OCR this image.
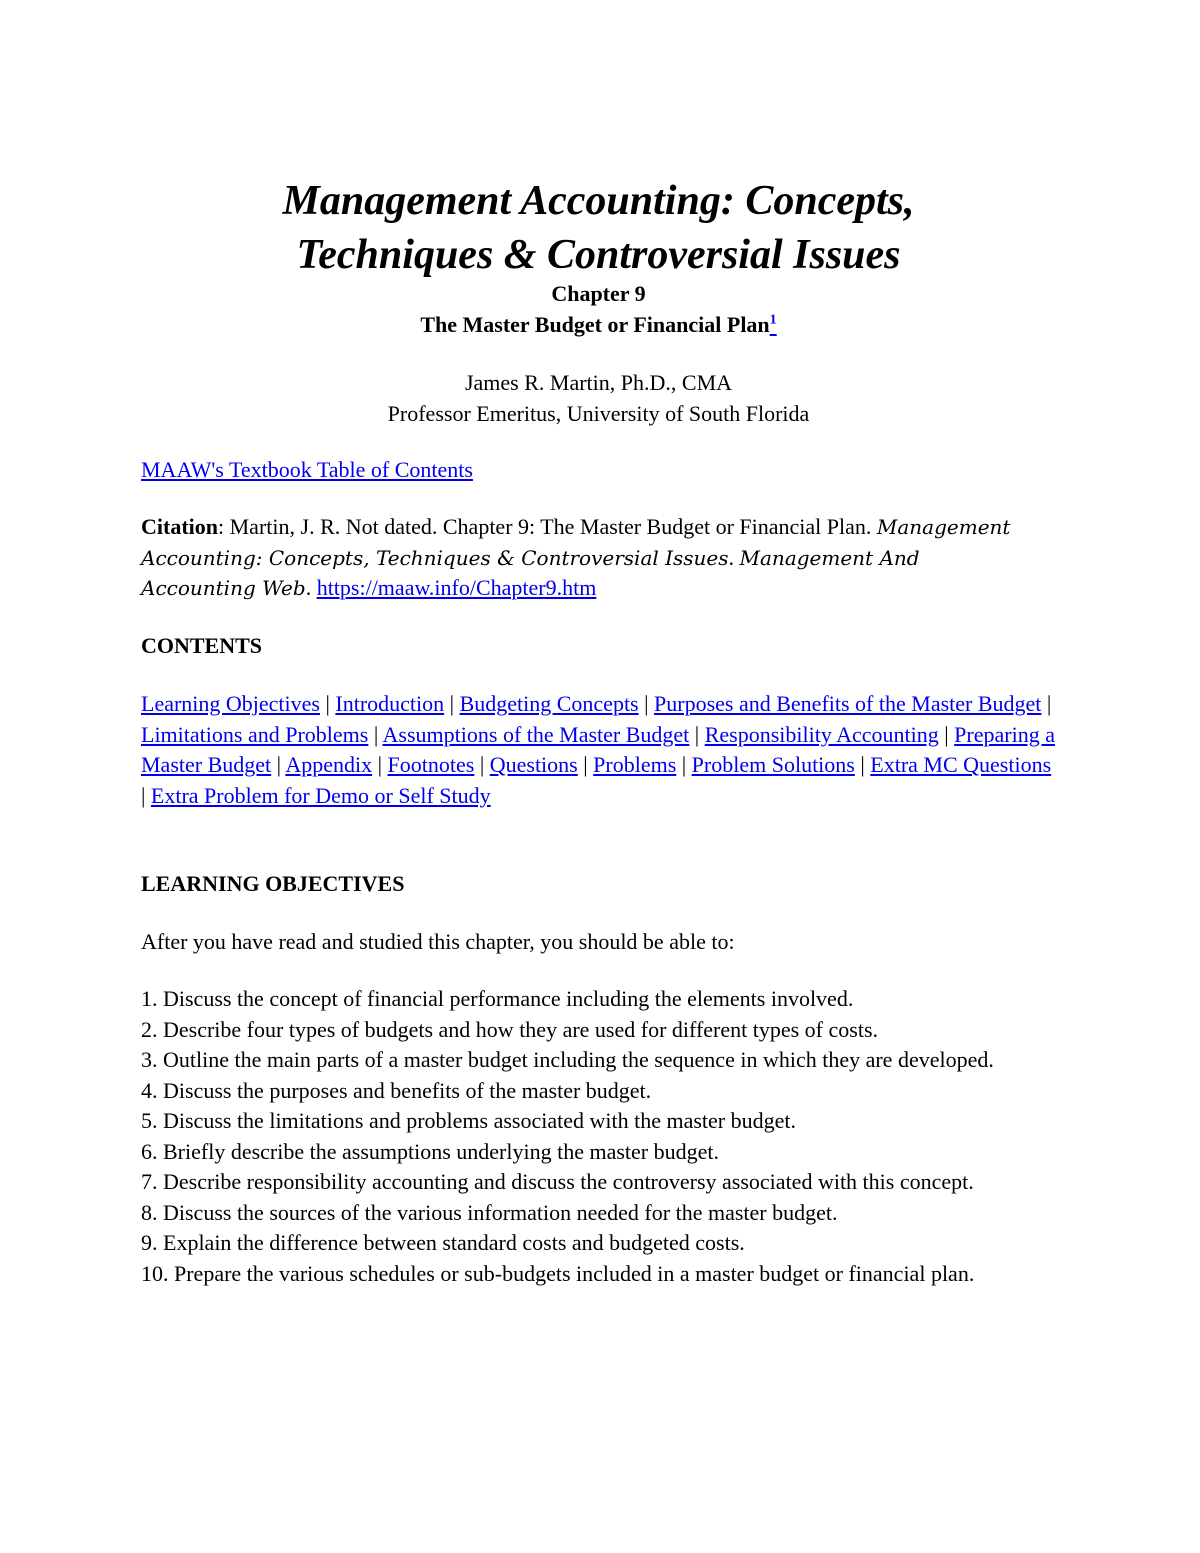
Management Accounting: Concepts,
Techniques & Controversial Issues
Chapter 9
The Master Budget or Financial Plan$^1$
James R. Martin, Ph.D., CMA
Professor Emeritus, University of South Florida
MAAW's Textbook Table of Contents
Citation: Martin, J. R. Not dated. Chapter 9: The Master Budget or Financial Plan. Management Accounting: Concepts, Techniques & Controversial Issues. Management And Accounting Web. https://maaw.info/Chapter9.htm
CONTENTS
Learning Objectives | Introduction | Budgeting Concepts | Purposes and Benefits of the Master Budget | Limitations and Problems | Assumptions of the Master Budget | Responsibility Accounting | Preparing a Master Budget | Appendix | Footnotes | Questions | Problems | Problem Solutions | Extra MC Questions | Extra Problem for Demo or Self Study
LEARNING OBJECTIVES
After you have read and studied this chapter, you should be able to:
1. Discuss the concept of financial performance including the elements involved.
2. Describe four types of budgets and how they are used for different types of costs.
3. Outline the main parts of a master budget including the sequence in which they are developed.
4. Discuss the purposes and benefits of the master budget.
5. Discuss the limitations and problems associated with the master budget.
6. Briefly describe the assumptions underlying the master budget.
7. Describe responsibility accounting and discuss the controversy associated with this concept.
8. Discuss the sources of the various information needed for the master budget.
9. Explain the difference between standard costs and budgeted costs.
10. Prepare the various schedules or sub-budgets included in a master budget or financial plan.
